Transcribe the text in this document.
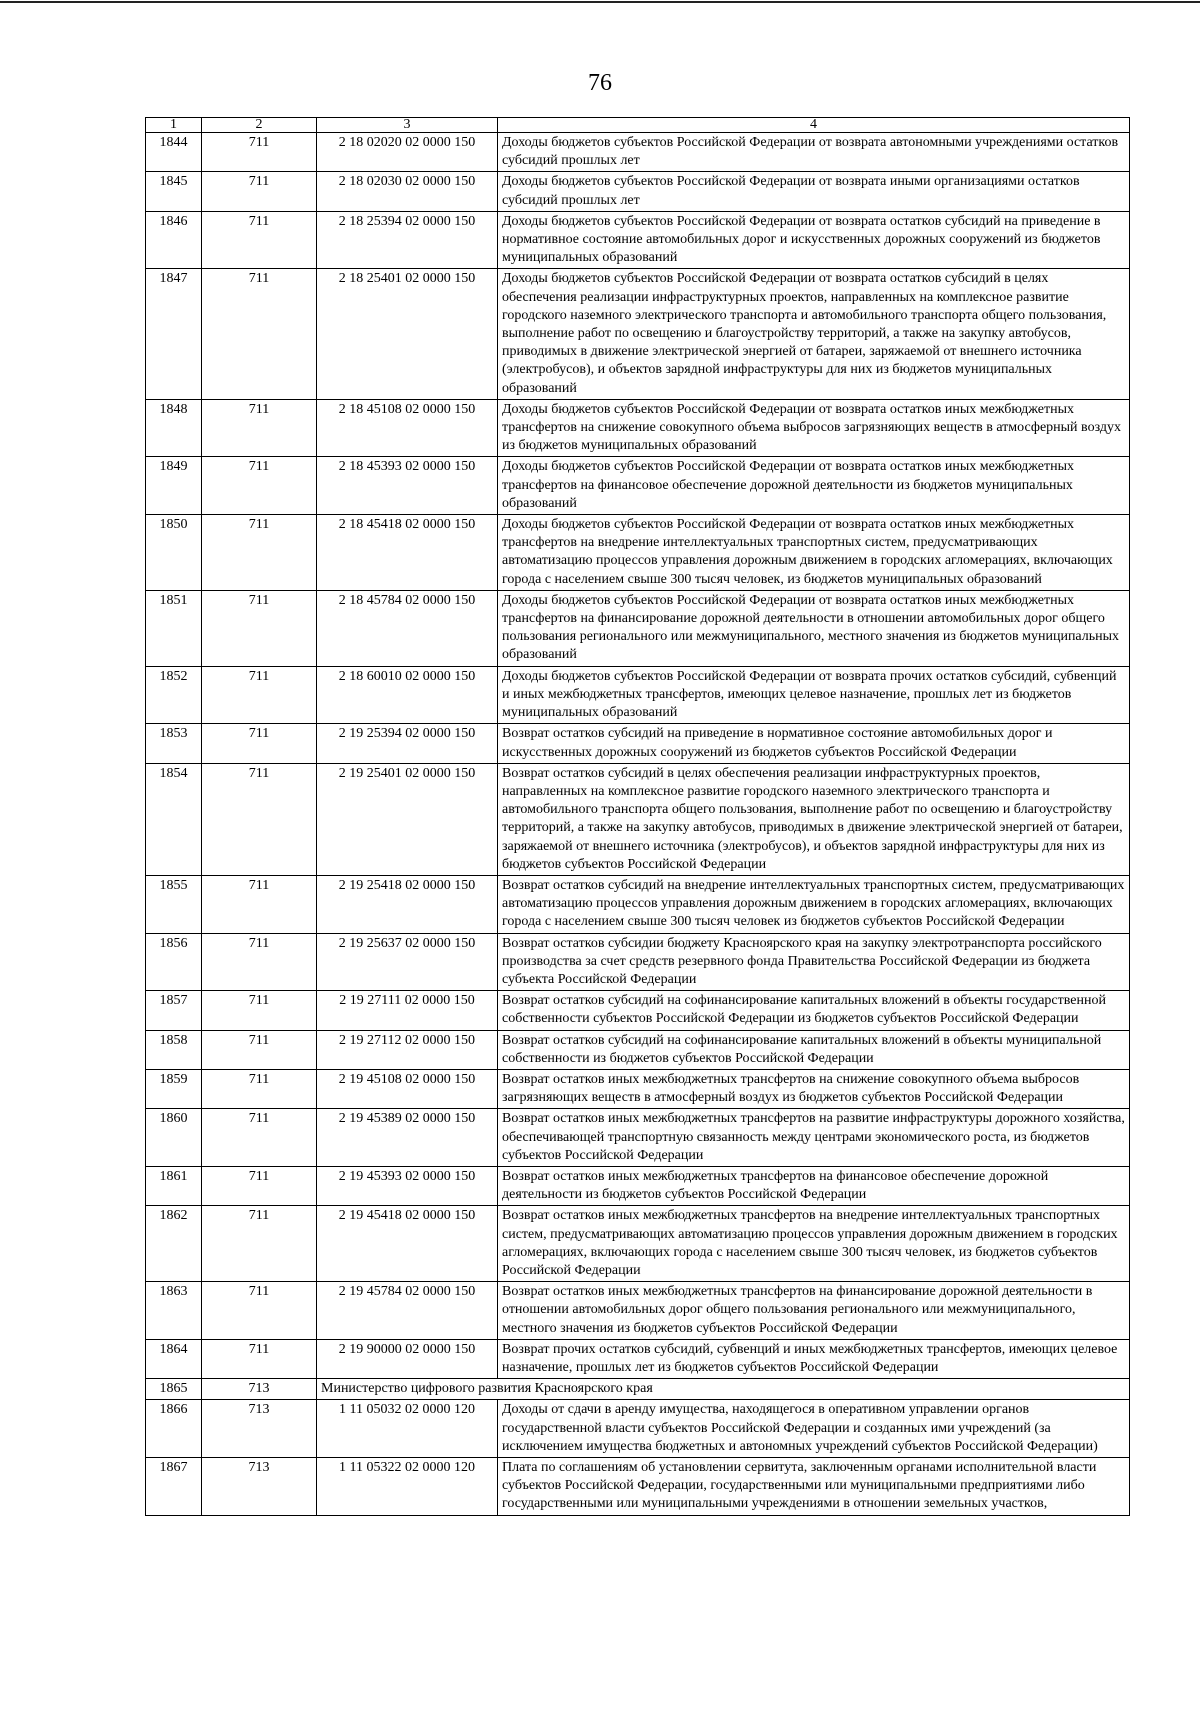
76
1	2	3	4
1844	711	2 18 02020 02 0000 150	Доходы бюджетов субъектов Российской Федерации от возврата автономными учреждениями остатков субсидий прошлых лет
1845	711	2 18 02030 02 0000 150	Доходы бюджетов субъектов Российской Федерации от возврата иными организациями остатков субсидий прошлых лет
1846	711	2 18 25394 02 0000 150	Доходы бюджетов субъектов Российской Федерации от возврата остатков субсидий на приведение в нормативное состояние автомобильных дорог и искусственных дорожных сооружений из бюджетов муниципальных образований
1847	711	2 18 25401 02 0000 150	Доходы бюджетов субъектов Российской Федерации от возврата остатков субсидий в целях обеспечения реализации инфраструктурных проектов, направленных на комплексное развитие городского наземного электрического транспорта и автомобильного транспорта общего пользования, выполнение работ по освещению и благоустройству территорий, а также на закупку автобусов, приводимых в движение электрической энергией от батареи, заряжаемой от внешнего источника (электробусов), и объектов зарядной инфраструктуры для них из бюджетов муниципальных образований
1848	711	2 18 45108 02 0000 150	Доходы бюджетов субъектов Российской Федерации от возврата остатков иных межбюджетных трансфертов на снижение совокупного объема выбросов загрязняющих веществ в атмосферный воздух из бюджетов муниципальных образований
1849	711	2 18 45393 02 0000 150	Доходы бюджетов субъектов Российской Федерации от возврата остатков иных межбюджетных трансфертов на финансовое обеспечение дорожной деятельности из бюджетов муниципальных образований
1850	711	2 18 45418 02 0000 150	Доходы бюджетов субъектов Российской Федерации от возврата остатков иных межбюджетных трансфертов на внедрение интеллектуальных транспортных систем, предусматривающих автоматизацию процессов управления дорожным движением в городских агломерациях, включающих города с населением свыше 300 тысяч человек, из бюджетов муниципальных образований
1851	711	2 18 45784 02 0000 150	Доходы бюджетов субъектов Российской Федерации от возврата остатков иных межбюджетных трансфертов на финансирование дорожной деятельности в отношении автомобильных дорог общего пользования регионального или межмуниципального, местного значения из бюджетов муниципальных образований
1852	711	2 18 60010 02 0000 150	Доходы бюджетов субъектов Российской Федерации от возврата прочих остатков субсидий, субвенций и иных межбюджетных трансфертов, имеющих целевое назначение, прошлых лет из бюджетов муниципальных образований
1853	711	2 19 25394 02 0000 150	Возврат остатков субсидий на приведение в нормативное состояние автомобильных дорог и искусственных дорожных сооружений из бюджетов субъектов Российской Федерации
1854	711	2 19 25401 02 0000 150	Возврат остатков субсидий в целях обеспечения реализации инфраструктурных проектов, направленных на комплексное развитие городского наземного электрического транспорта и автомобильного транспорта общего пользования, выполнение работ по освещению и благоустройству территорий, а также на закупку автобусов, приводимых в движение электрической энергией от батареи, заряжаемой от внешнего источника (электробусов), и объектов зарядной инфраструктуры для них из бюджетов субъектов Российской Федерации
1855	711	2 19 25418 02 0000 150	Возврат остатков субсидий на внедрение интеллектуальных транспортных систем, предусматривающих автоматизацию процессов управления дорожным движением в городских агломерациях, включающих города с населением свыше 300 тысяч человек из бюджетов субъектов Российской Федерации
1856	711	2 19 25637 02 0000 150	Возврат остатков субсидии бюджету Красноярского края на закупку электротранспорта российского производства за счет средств резервного фонда Правительства Российской Федерации из бюджета субъекта Российской Федерации
1857	711	2 19 27111 02 0000 150	Возврат остатков субсидий на софинансирование капитальных вложений в объекты государственной собственности субъектов Российской Федерации из бюджетов субъектов Российской Федерации
1858	711	2 19 27112 02 0000 150	Возврат остатков субсидий на софинансирование капитальных вложений в объекты муниципальной собственности из бюджетов субъектов Российской Федерации
1859	711	2 19 45108 02 0000 150	Возврат остатков иных межбюджетных трансфертов на снижение совокупного объема выбросов загрязняющих веществ в атмосферный воздух из бюджетов субъектов Российской Федерации
1860	711	2 19 45389 02 0000 150	Возврат остатков иных межбюджетных трансфертов на развитие инфраструктуры дорожного хозяйства, обеспечивающей транспортную связанность между центрами экономического роста, из бюджетов субъектов Российской Федерации
1861	711	2 19 45393 02 0000 150	Возврат остатков иных межбюджетных трансфертов на финансовое обеспечение дорожной деятельности из бюджетов субъектов Российской Федерации
1862	711	2 19 45418 02 0000 150	Возврат остатков иных межбюджетных трансфертов на внедрение интеллектуальных транспортных систем, предусматривающих автоматизацию процессов управления дорожным движением в городских агломерациях, включающих города с населением свыше 300 тысяч человек, из бюджетов субъектов Российской Федерации
1863	711	2 19 45784 02 0000 150	Возврат остатков иных межбюджетных трансфертов на финансирование дорожной деятельности в отношении автомобильных дорог общего пользования регионального или межмуниципального, местного значения из бюджетов субъектов Российской Федерации
1864	711	2 19 90000 02 0000 150	Возврат прочих остатков субсидий, субвенций и иных межбюджетных трансфертов, имеющих целевое назначение, прошлых лет из бюджетов субъектов Российской Федерации
1865	713	Министерство цифрового развития Красноярского края	
1866	713	1 11 05032 02 0000 120	Доходы от сдачи в аренду имущества, находящегося в оперативном управлении органов государственной власти субъектов Российской Федерации и созданных ими учреждений (за исключением имущества бюджетных и автономных учреждений субъектов Российской Федерации)
1867	713	1 11 05322 02 0000 120	Плата по соглашениям об установлении сервитута, заключенным органами исполнительной власти субъектов Российской Федерации, государственными или муниципальными предприятиями либо государственными или муниципальными учреждениями в отношении земельных участков,
